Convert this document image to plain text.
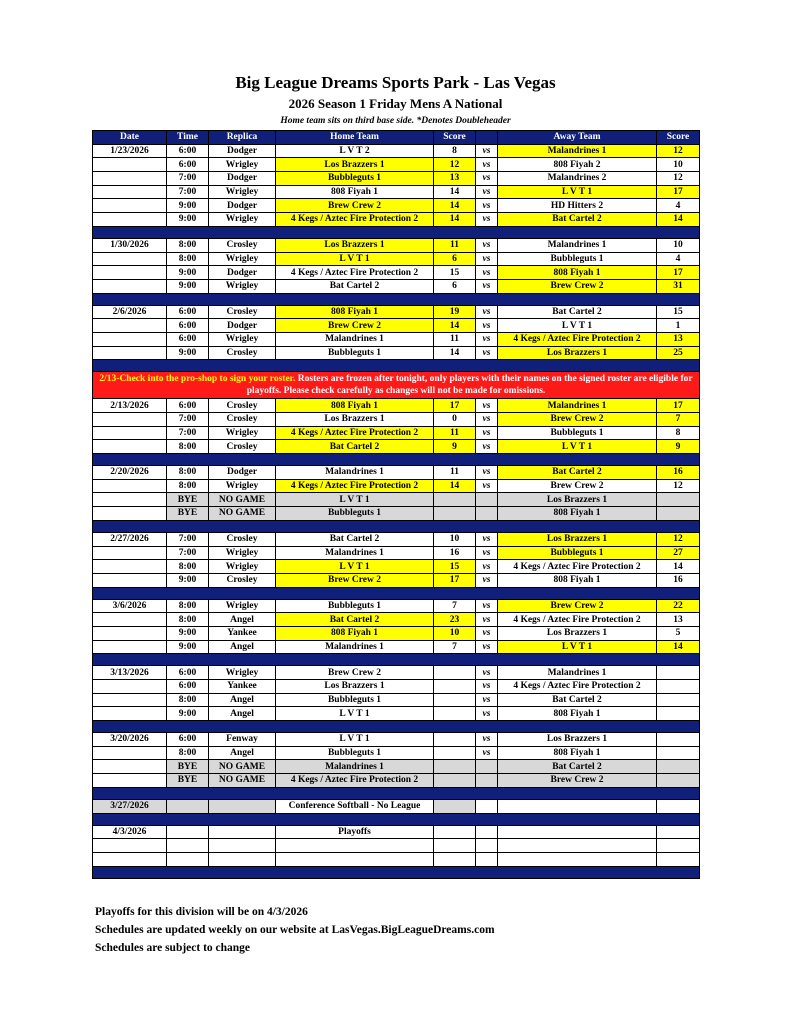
Big League Dreams Sports Park - Las Vegas
2026 Season 1 Friday Mens A National
Home team sits on third base side. *Denotes Doubleheader
Date	Time	Replica	Home Team	Score		Away Team	Score
1/23/2026	6:00	Dodger	L V T 2	8	vs	Malandrines 1	12
	6:00	Wrigley	Los Brazzers 1	12	vs	808 Fiyah 2	10
	7:00	Dodger	Bubbleguts 1	13	vs	Malandrines 2	12
	7:00	Wrigley	808 Fiyah 1	14	vs	L V T 1	17
	9:00	Dodger	Brew Crew 2	14	vs	HD Hitters 2	4
	9:00	Wrigley	4 Kegs / Aztec Fire Protection 2	14	vs	Bat Cartel 2	14

1/30/2026	8:00	Crosley	Los Brazzers 1	11	vs	Malandrines 1	10
	8:00	Wrigley	L V T 1	6	vs	Bubbleguts 1	4
	9:00	Dodger	4 Kegs / Aztec Fire Protection 2	15	vs	808 Fiyah 1	17
	9:00	Wrigley	Bat Cartel 2	6	vs	Brew Crew 2	31

2/6/2026	6:00	Crosley	808 Fiyah 1	19	vs	Bat Cartel 2	15
	6:00	Dodger	Brew Crew 2	14	vs	L V T 1	1
	6:00	Wrigley	Malandrines 1	11	vs	4 Kegs / Aztec Fire Protection 2	13
	9:00	Crosley	Bubbleguts 1	14	vs	Los Brazzers 1	25

2/13-Check into the pro-shop to sign your roster. Rosters are frozen after tonight, only players with their names on the signed roster are eligible for playoffs. Please check carefully as changes will not be made for omissions.							
2/13/2026	6:00	Crosley	808 Fiyah 1	17	vs	Malandrines 1	17
	7:00	Crosley	Los Brazzers 1	0	vs	Brew Crew 2	7
	7:00	Wrigley	4 Kegs / Aztec Fire Protection 2	11	vs	Bubbleguts 1	8
	8:00	Crosley	Bat Cartel 2	9	vs	L V T 1	9

2/20/2026	8:00	Dodger	Malandrines 1	11	vs	Bat Cartel 2	16
	8:00	Wrigley	4 Kegs / Aztec Fire Protection 2	14	vs	Brew Crew 2	12
	BYE	NO GAME	L V T 1			Los Brazzers 1	
	BYE	NO GAME	Bubbleguts 1			808 Fiyah 1	

2/27/2026	7:00	Crosley	Bat Cartel 2	10	vs	Los Brazzers 1	12
	7:00	Wrigley	Malandrines 1	16	vs	Bubbleguts 1	27
	8:00	Wrigley	L V T 1	15	vs	4 Kegs / Aztec Fire Protection 2	14
	9:00	Crosley	Brew Crew 2	17	vs	808 Fiyah 1	16

3/6/2026	8:00	Wrigley	Bubbleguts 1	7	vs	Brew Crew 2	22
	8:00	Angel	Bat Cartel 2	23	vs	4 Kegs / Aztec Fire Protection 2	13
	9:00	Yankee	808 Fiyah 1	10	vs	Los Brazzers 1	5
	9:00	Angel	Malandrines 1	7	vs	L V T 1	14

3/13/2026	6:00	Wrigley	Brew Crew 2		vs	Malandrines 1	
	6:00	Yankee	Los Brazzers 1		vs	4 Kegs / Aztec Fire Protection 2	
	8:00	Angel	Bubbleguts 1		vs	Bat Cartel 2	
	9:00	Angel	L V T 1		vs	808 Fiyah 1	

3/20/2026	6:00	Fenway	L V T 1		vs	Los Brazzers 1	
	8:00	Angel	Bubbleguts 1		vs	808 Fiyah 1	
	BYE	NO GAME	Malandrines 1			Bat Cartel 2	
	BYE	NO GAME	4 Kegs / Aztec Fire Protection 2			Brew Crew 2	

3/27/2026			Conference Softball - No League				

4/3/2026			Playoffs				

Playoffs for this division will be on 4/3/2026
Schedules are updated weekly on our website at LasVegas.BigLeagueDreams.com
Schedules are subject to change
